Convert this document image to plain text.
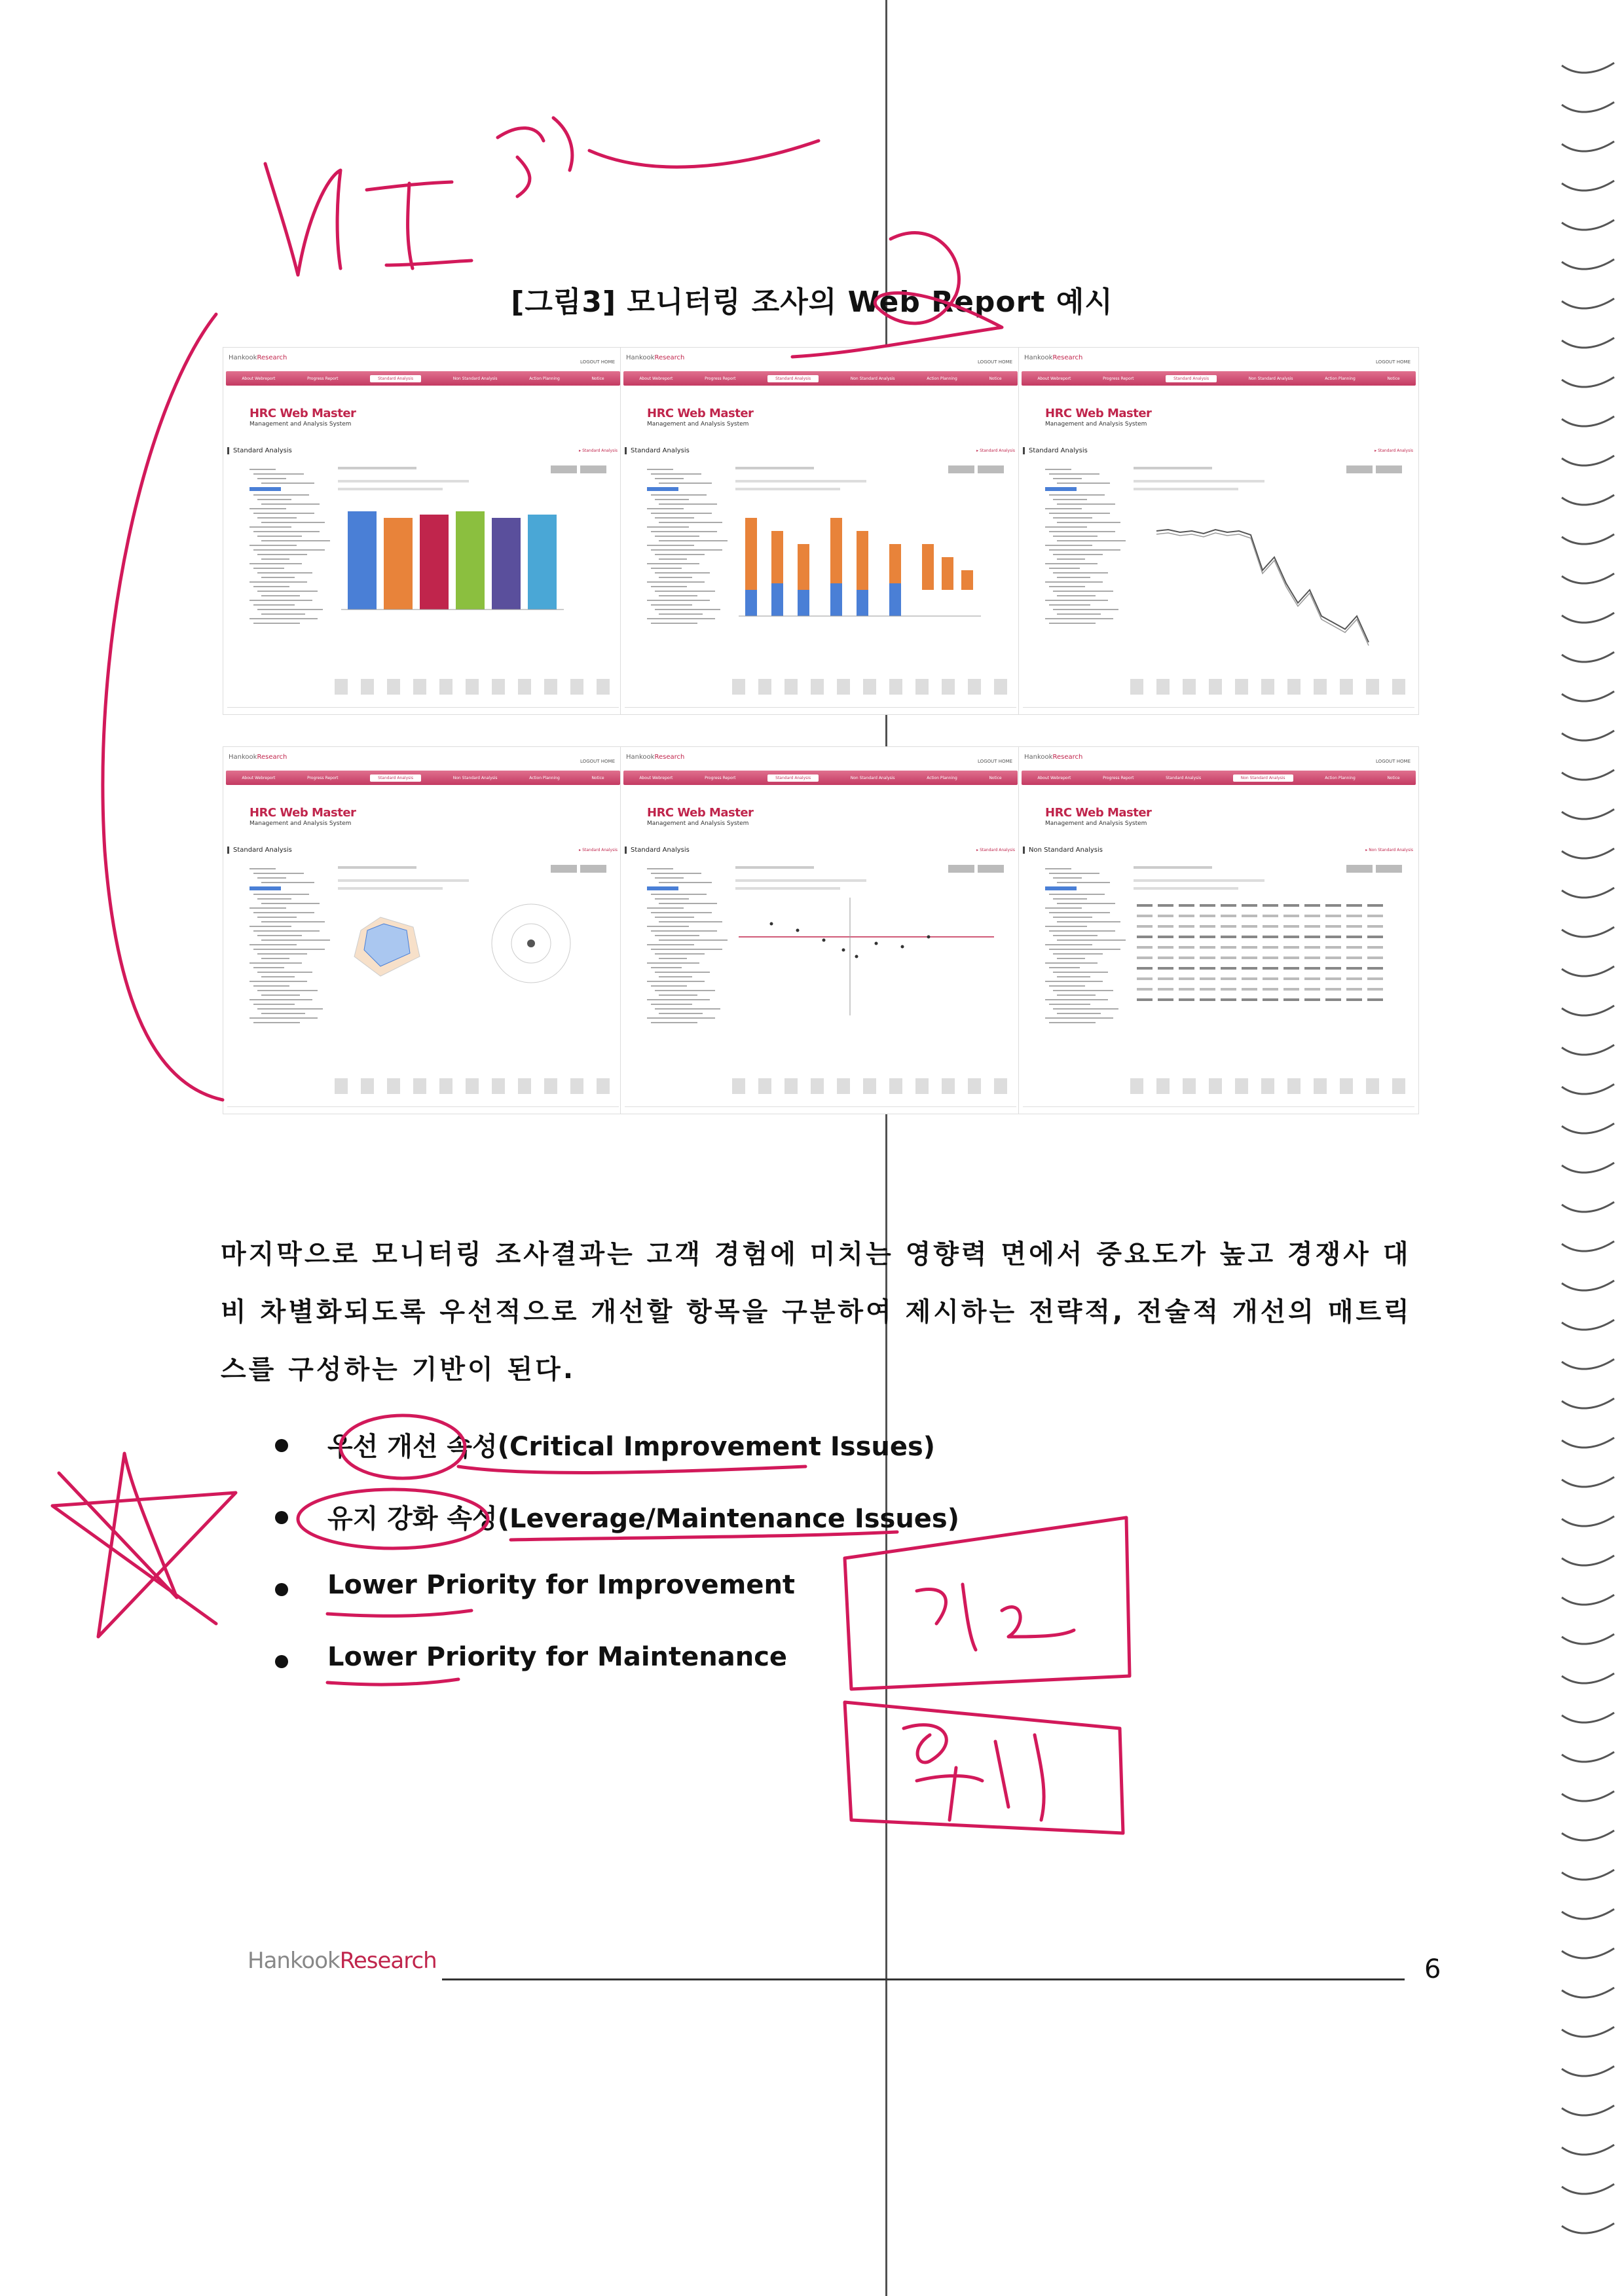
[그림3] 모니터링 조사의 Web Report 예시
HankookResearch
LOGOUT HOME
About Webreport	Progress Report	Standard Analysis	Non Standard Analysis	Action Planning	Notice
HRC Web Master
Management and Analysis System
Standard Analysis	▸ Standard Analysis
HankookResearch
LOGOUT HOME
About Webreport	Progress Report	Standard Analysis	Non Standard Analysis	Action Planning	Notice
HRC Web Master
Management and Analysis System
Standard Analysis	▸ Standard Analysis
HankookResearch
LOGOUT HOME
About Webreport	Progress Report	Standard Analysis	Non Standard Analysis	Action Planning	Notice
HRC Web Master
Management and Analysis System
Standard Analysis	▸ Standard Analysis
HankookResearch
LOGOUT HOME
About Webreport	Progress Report	Standard Analysis	Non Standard Analysis	Action Planning	Notice
HRC Web Master
Management and Analysis System
Standard Analysis	▸ Standard Analysis
HankookResearch
LOGOUT HOME
About Webreport	Progress Report	Standard Analysis	Non Standard Analysis	Action Planning	Notice
HRC Web Master
Management and Analysis System
Standard Analysis	▸ Standard Analysis
HankookResearch
LOGOUT HOME
About Webreport	Progress Report	Standard Analysis	Non Standard Analysis	Action Planning	Notice
HRC Web Master
Management and Analysis System
Non Standard Analysis	▸ Non Standard Analysis
마지막으로 모니터링 조사결과는 고객 경험에 미치는 영향력 면에서 중요도가 높고 경쟁사 대비 차별화되도록 우선적으로 개선할 항목을 구분하여 제시하는 전략적, 전술적 개선의 매트릭스를 구성하는 기반이 된다.
우선 개선 속성(Critical Improvement Issues)
유지 강화 속성(Leverage/Maintenance Issues)
Lower Priority for Improvement
Lower Priority for Maintenance
HankookResearch	6
